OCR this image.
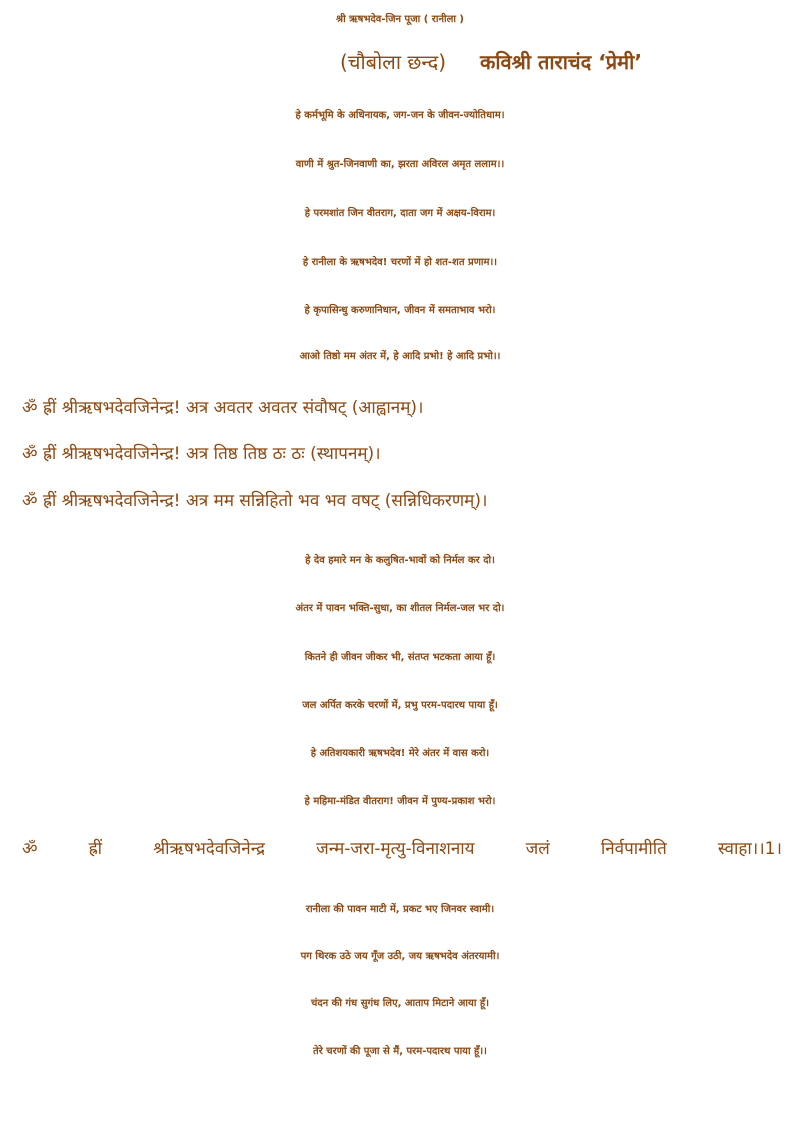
श्री ऋषभदेव-जिन पूजा ( रानीला )
(चौबोला छन्द) कविश्री ताराचंद ‘प्रेमी’
हे कर्मभूमि के अधिनायक, जग-जन के जीवन-ज्योतिधाम।
वाणी में श्रुत-जिनवाणी का, झरता अविरल अमृत ललाम।।
हे परमशांत जिन वीतराग, दाता जग में अक्षय-विराम।
हे रानीला के ऋषभदेव! चरणों में हो शत-शत प्रणाम।।
हे कृपासिन्धु करुणानिधान, जीवन में समताभाव भरो।
आओ तिष्ठो मम अंतर में, हे आदि प्रभो! हे आदि प्रभो।।
ॐ ह्रीं श्रीऋषभदेवजिनेन्द्र! अत्र अवतर अवतर संवौषट् (आह्वानम्)।
ॐ ह्रीं श्रीऋषभदेवजिनेन्द्र! अत्र तिष्ठ तिष्ठ ठः ठः (स्थापनम्)।
ॐ ह्रीं श्रीऋषभदेवजिनेन्द्र! अत्र मम सन्निहितो भव भव वषट् (सन्निधिकरणम्)।
हे देव हमारे मन के कलुषित-भावों को निर्मल कर दो।
अंतर में पावन भक्ति-सुधा, का शीतल निर्मल-जल भर दो।
कितने ही जीवन जीकर भी, संतप्त भटकता आया हूँ।
जल अर्पित करके चरणों में, प्रभु परम-पदारथ पाया हूँ।
हे अतिशयकारी ऋषभदेव! मेरे अंतर में वास करो।
हे महिमा-मंडित वीतराग! जीवन में पुण्य-प्रकाश भरो।
ॐ	ह्रीं	श्रीऋषभदेवजिनेन्द्र	जन्म-जरा-मृत्यु-विनाशनाय	जलं	निर्वपामीति	स्वाहा।।1।
रानीला की पावन माटी में, प्रकट भए जिनवर स्वामी।
पग थिरक उठे जय गूँज उठी, जय ऋषभदेव अंतरयामी।
चंदन की गंध सुगंध लिए, आताप मिटाने आया हूँ।
तेरे चरणों की पूजा से मैं, परम-पदारथ पाया हूँ।।
